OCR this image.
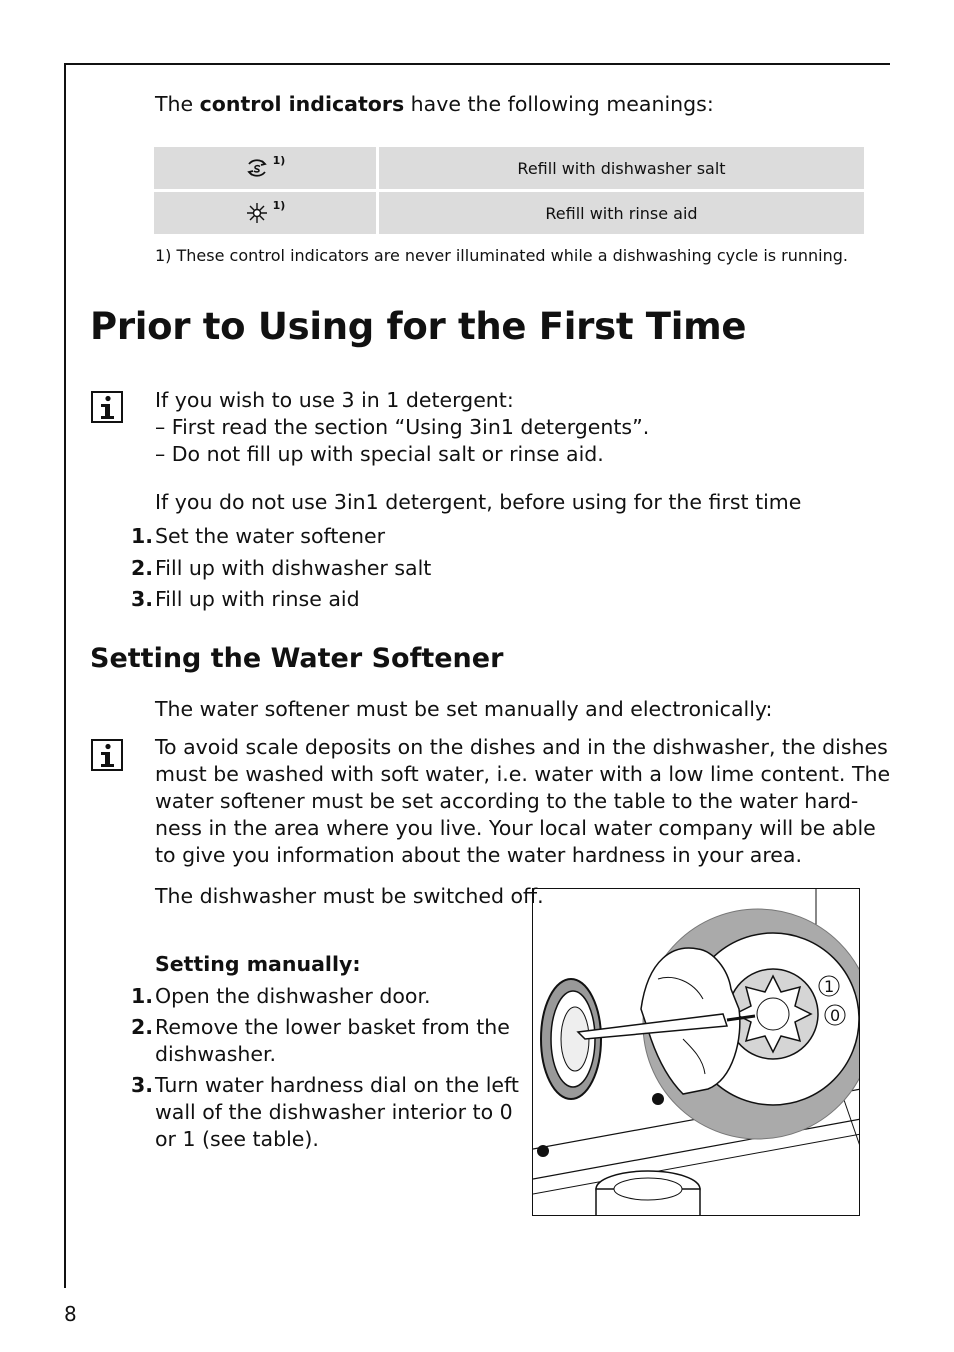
The control indicators have the following meanings:
$^{1)}$	Refill with dishwasher salt
$^{1)}$	Refill with rinse aid
1) These control indicators are never illuminated while a dishwashing cycle is running.
Prior to Using for the First Time
If you wish to use 3 in 1 detergent:
– First read the section “Using 3in1 detergents”.
– Do not fill up with special salt or rinse aid.
If you do not use 3in1 detergent, before using for the first time
1. Set the water softener
2. Fill up with dishwasher salt
3. Fill up with rinse aid
Setting the Water Softener
The water softener must be set manually and electronically:
To avoid scale deposits on the dishes and in the dishwasher, the dishes
must be washed with soft water, i.e. water with a low lime content. The
water softener must be set according to the table to the water hard-
ness in the area where you live. Your local water company will be able
to give you information about the water hardness in your area.
The dishwasher must be switched off.
Setting manually:
1. Open the dishwasher door.
2. Remove the lower basket from the
dishwasher.
3. Turn water hardness dial on the left
wall of the dishwasher interior to 0
or 1 (see table).
1
0
8
